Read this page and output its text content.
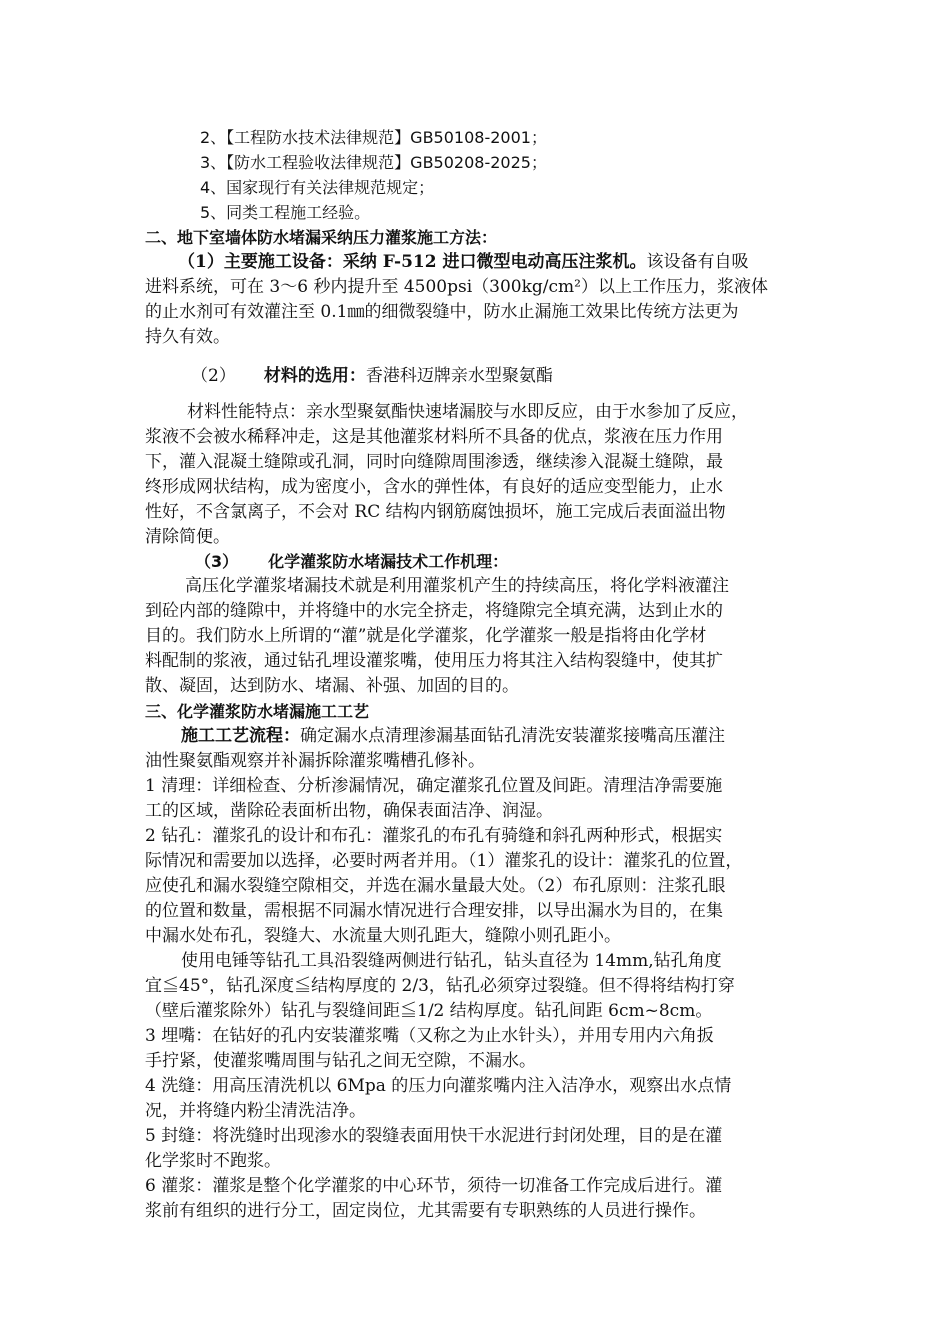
2、【工程防水技术法律规范】GB50108-2001；
3、【防水工程验收法律规范】GB50208-2025；
4、国家现行有关法律规范规定；
5、同类工程施工经验。
二、地下室墙体防水堵漏采纳压力灌浆施工方法：
（1）主要施工设备：采纳 F-512 进口微型电动高压注浆机。该设备有自吸
进料系统，可在 3～6 秒内提升至 4500psi（300kg/cm²）以上工作压力，浆液体
的止水剂可有效灌注至 0.1㎜的细微裂缝中，防水止漏施工效果比传统方法更为
持久有效。
（2） 材料的选用：香港科迈牌亲水型聚氨酯
材料性能特点：亲水型聚氨酯快速堵漏胶与水即反应，由于水参加了反应，
浆液不会被水稀释冲走，这是其他灌浆材料所不具备的优点，浆液在压力作用
下，灌入混凝土缝隙或孔洞，同时向缝隙周围渗透，继续渗入混凝土缝隙，最
终形成网状结构，成为密度小，含水的弹性体，有良好的适应变型能力，止水
性好，不含氯离子，不会对 RC 结构内钢筋腐蚀损坏，施工完成后表面溢出物
清除简便。
（3） 化学灌浆防水堵漏技术工作机理：
高压化学灌浆堵漏技术就是利用灌浆机产生的持续高压，将化学料液灌注
到砼内部的缝隙中，并将缝中的水完全挤走，将缝隙完全填充满，达到止水的
目的。我们防水上所谓的“灌”就是化学灌浆，化学灌浆一般是指将由化学材
料配制的浆液，通过钻孔埋设灌浆嘴，使用压力将其注入结构裂缝中，使其扩
散、凝固，达到防水、堵漏、补强、加固的目的。
三、化学灌浆防水堵漏施工工艺
施工工艺流程：确定漏水点清理渗漏基面钻孔清洗安装灌浆接嘴高压灌注
油性聚氨酯观察并补漏拆除灌浆嘴槽孔修补。
1 清理：详细检查、分析渗漏情况，确定灌浆孔位置及间距。清理洁净需要施
工的区域，凿除砼表面析出物，确保表面洁净、润湿。
2 钻孔：灌浆孔的设计和布孔：灌浆孔的布孔有骑缝和斜孔两种形式，根据实
际情况和需要加以选择，必要时两者并用。（1）灌浆孔的设计：灌浆孔的位置，
应使孔和漏水裂缝空隙相交，并选在漏水量最大处。（2）布孔原则：注浆孔眼
的位置和数量，需根据不同漏水情况进行合理安排，以导出漏水为目的，在集
中漏水处布孔，裂缝大、水流量大则孔距大，缝隙小则孔距小。
使用电锤等钻孔工具沿裂缝两侧进行钻孔，钻头直径为 14mm,钻孔角度
宜≦45°，钻孔深度≦结构厚度的 2/3，钻孔必须穿过裂缝。但不得将结构打穿
（壁后灌浆除外）钻孔与裂缝间距≦1/2 结构厚度。钻孔间距 6cm~8cm。
3 埋嘴：在钻好的孔内安装灌浆嘴（又称之为止水针头），并用专用内六角扳
手拧紧，使灌浆嘴周围与钻孔之间无空隙，不漏水。
4 洗缝：用高压清洗机以 6Mpa 的压力向灌浆嘴内注入洁净水，观察出水点情
况，并将缝内粉尘清洗洁净。
5 封缝：将洗缝时出现渗水的裂缝表面用快干水泥进行封闭处理，目的是在灌
化学浆时不跑浆。
6 灌浆：灌浆是整个化学灌浆的中心环节，须待一切准备工作完成后进行。灌
浆前有组织的进行分工，固定岗位，尤其需要有专职熟练的人员进行操作。
